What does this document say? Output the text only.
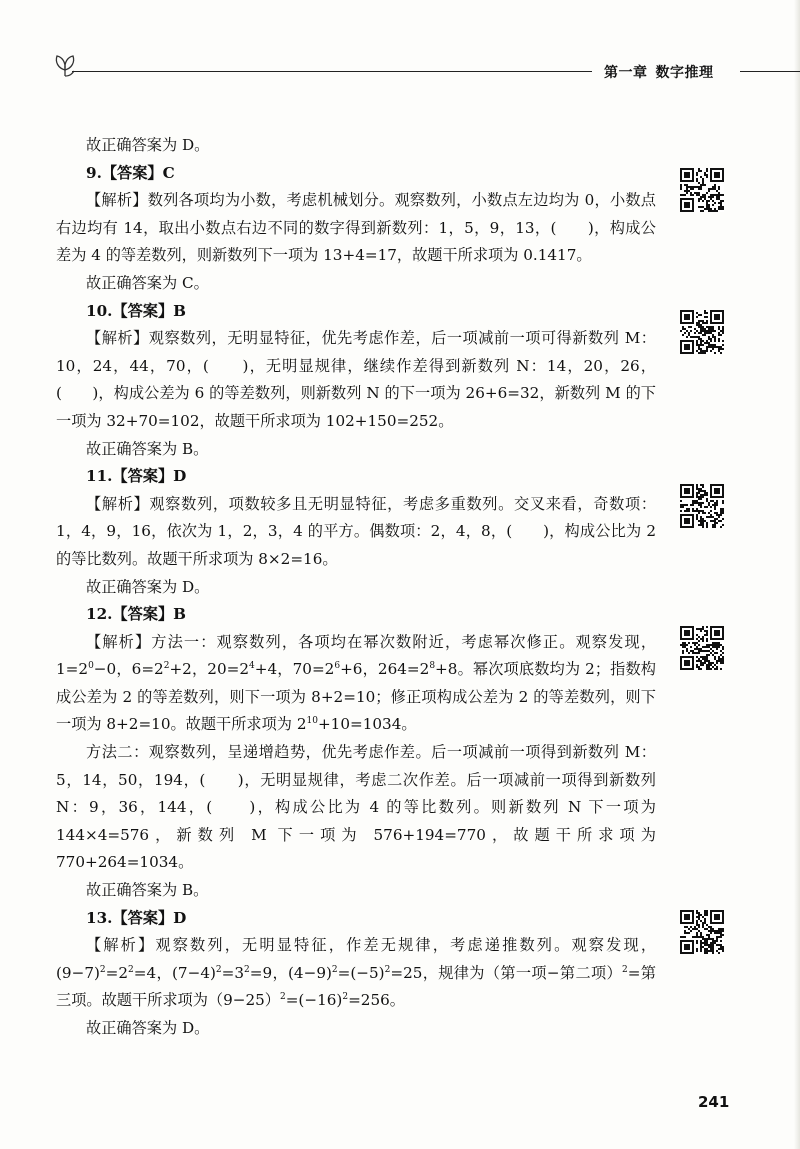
第一章 数字推理

故正确答案为 D。

9.【答案】C

【解析】数列各项均为小数，考虑机械划分。观察数列，小数点左边均为 0，小数点右边均有 14，取出小数点右边不同的数字得到新数列：1，5，9，13，(　　)，构成公差为 4 的等差数列，则新数列下一项为 13+4=17，故题干所求项为 0.1417。

故正确答案为 C。

10.【答案】B

【解析】观察数列，无明显特征，优先考虑作差，后一项减前一项可得新数列 M：10，24，44，70，(　　)，无明显规律，继续作差得到新数列 N：14，20，26，(　　)，构成公差为 6 的等差数列，则新数列 N 的下一项为 26+6=32，新数列 M 的下一项为 32+70=102，故题干所求项为 102+150=252。

故正确答案为 B。

11.【答案】D

【解析】观察数列，项数较多且无明显特征，考虑多重数列。交叉来看，奇数项：1，4，9，16，依次为 1，2，3，4 的平方。偶数项：2，4，8，(　　)，构成公比为 2 的等比数列。故题干所求项为 8×2=16。

故正确答案为 D。

12.【答案】B

【解析】方法一：观察数列，各项均在幂次数附近，考虑幂次修正。观察发现，$1=2^0-0$，$6=2^2+2$，$20=2^4+4$，$70=2^6+6$，$264=2^8+8$。幂次项底数均为 2；指数构成公差为 2 的等差数列，则下一项为 8+2=10；修正项构成公差为 2 的等差数列，则下一项为 8+2=10。故题干所求项为 $2^{10}+10=1034$。

方法二：观察数列，呈递增趋势，优先考虑作差。后一项减前一项得到新数列 M：5，14，50，194，(　　)，无明显规律，考虑二次作差。后一项减前一项得到新数列 N：9，36，144，(　　)，构成公比为 4 的等比数列。则新数列 N 下一项为 144×4=576，新数列 M 下一项为 576+194=770，故题干所求项为 770+264=1034。

故正确答案为 B。

13.【答案】D

【解析】观察数列，无明显特征，作差无规律，考虑递推数列。观察发现，$(9-7)^2=2^2=4$，$(7-4)^2=3^2=9$，$(4-9)^2=(-5)^2=25$，规律为（第一项−第二项）$^2$=第三项。故题干所求项为$(9-25)^2=(-16)^2=256$。

故正确答案为 D。

241
